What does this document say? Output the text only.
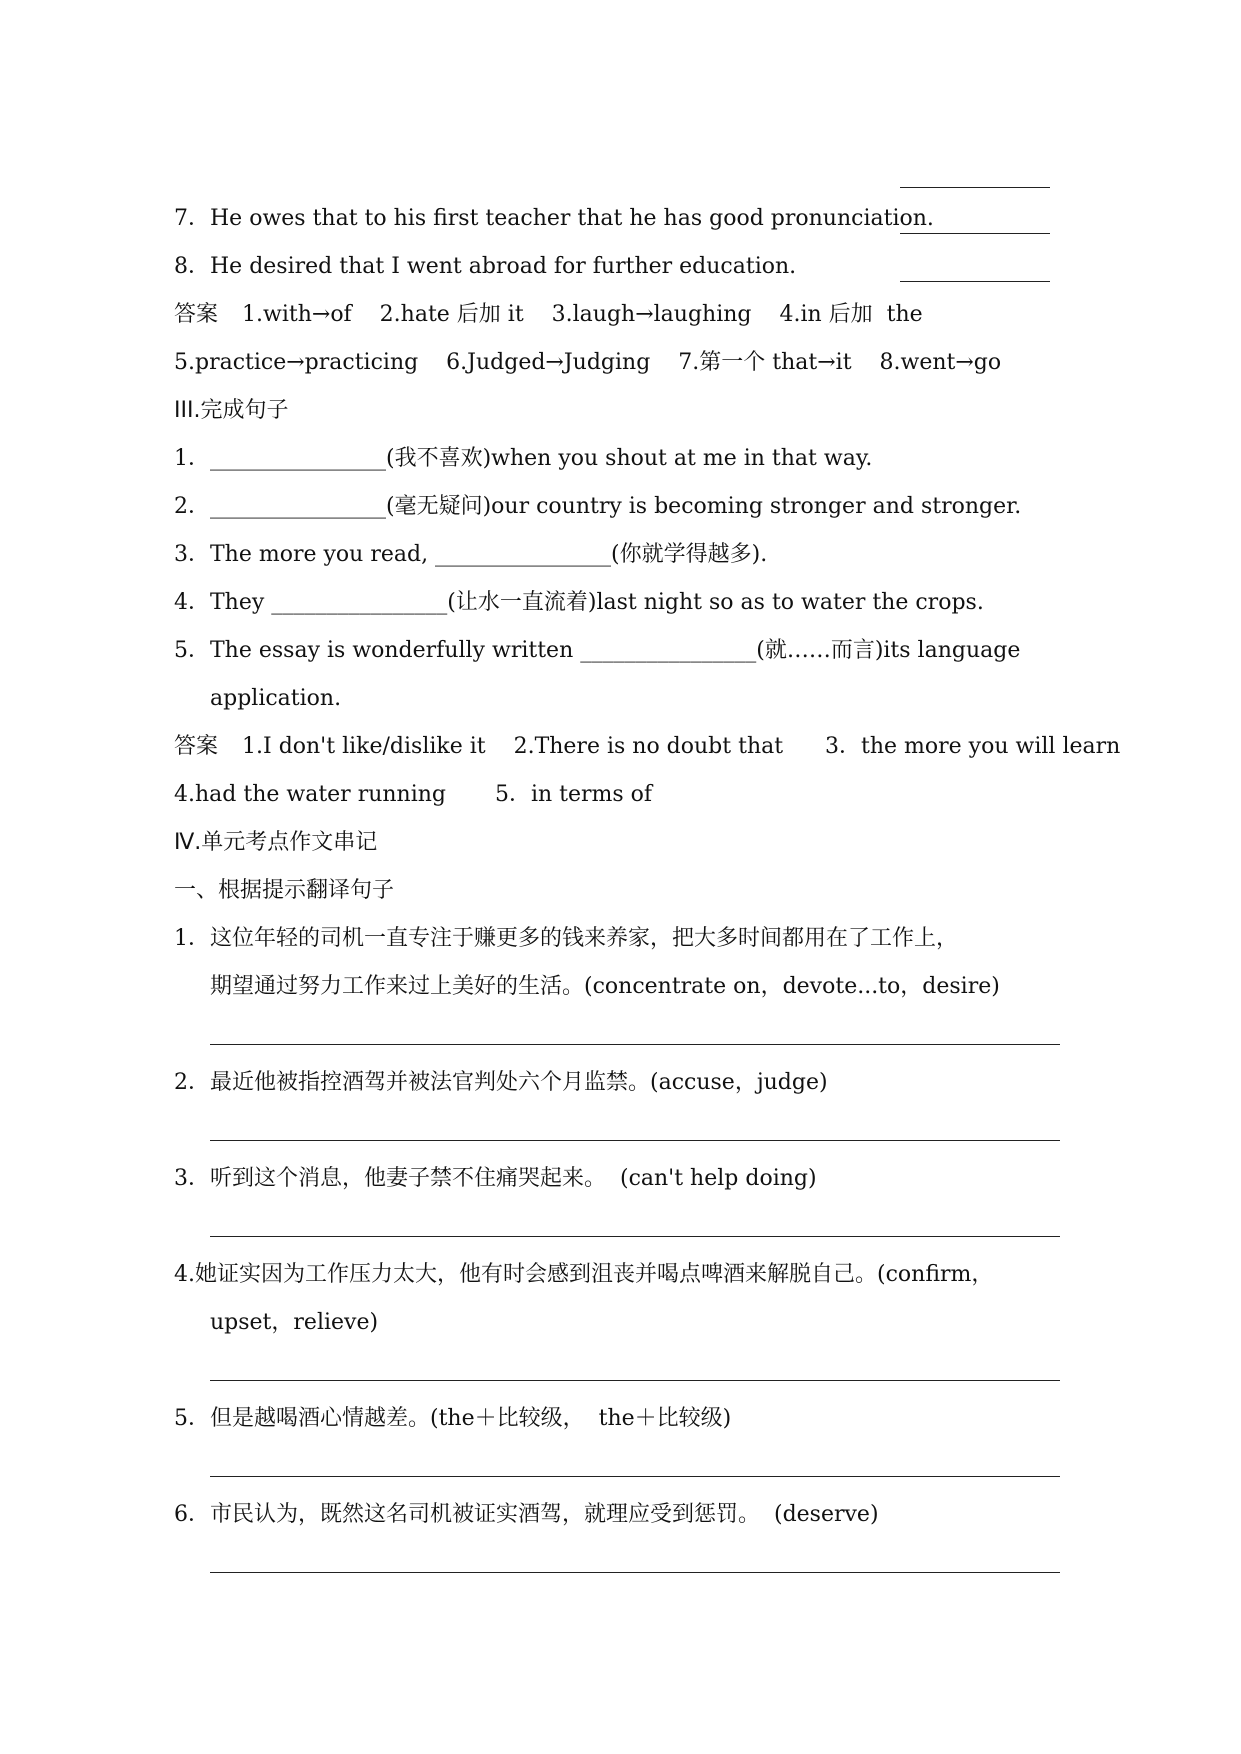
7．He owes that to his first teacher that he has good pronunciation.
8．He desired that I went abroad for further education.
答案 1.with→of    2.hate 后加 it    3.laugh→laughing    4.in 后加  the
5.practice→practicing    6.Judged→Judging    7.第一个 that→it    8.went→go
III.完成句子
1．________________(我不喜欢)when you shout at me in that way.
2．________________(毫无疑问)our country is becoming stronger and stronger.
3．The more you read, ________________(你就学得越多).
4．They ________________(让水一直流着)last night so as to water the crops.
5．The essay is wonderfully written ________________(就……而言)its language
application.
答案 1.I don't like/dislike it    2.There is no doubt that      3．the more you will learn
4.had the water running       5．in terms of
Ⅳ.单元考点作文串记
一、根据提示翻译句子
1．这位年轻的司机一直专注于赚更多的钱来养家，把大多时间都用在了工作上，
期望通过努力工作来过上美好的生活。(concentrate on，devote...to，desire)
2．最近他被指控酒驾并被法官判处六个月监禁。(accuse，judge)
3．听到这个消息，他妻子禁不住痛哭起来。  (can't help doing)
4.她证实因为工作压力太大，他有时会感到沮丧并喝点啤酒来解脱自己。(confirm，
upset，relieve)
5．但是越喝酒心情越差。(the＋比较级，  the＋比较级)
6．市民认为，既然这名司机被证实酒驾，就理应受到惩罚。  (deserve)
